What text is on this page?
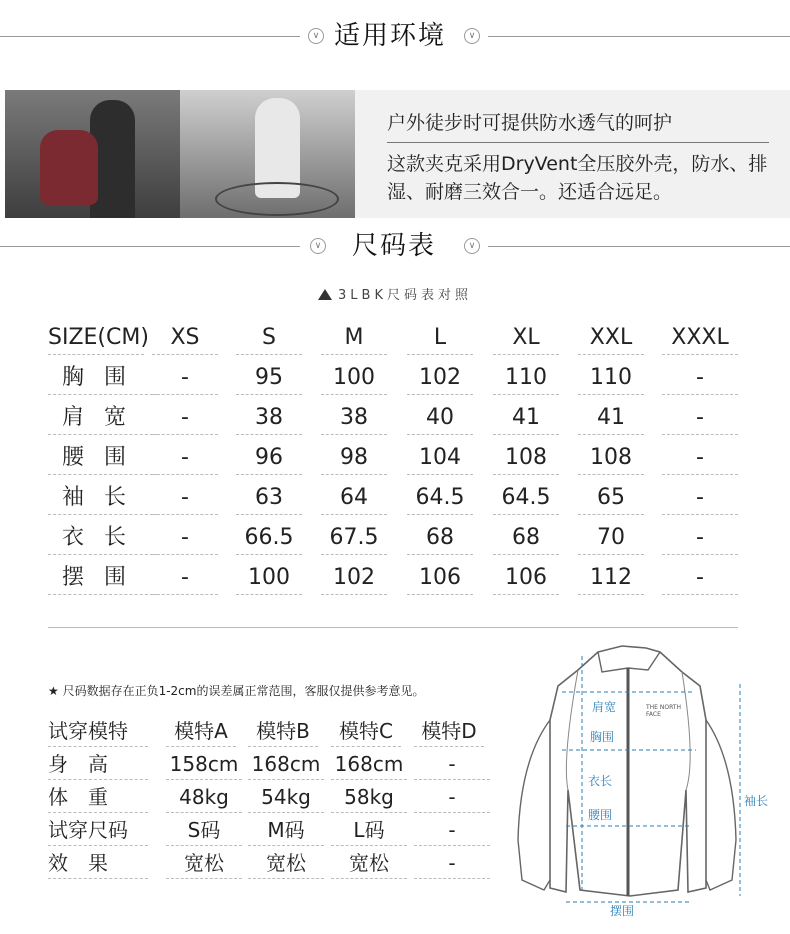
∨ 适用环境	∨
户外徒步时可提供防水透气的呵护
这款夹克采用DryVent全压胶外壳，防水、排湿、耐磨三效合一。还适合远足。
∨ 尺码表	∨
3LBK尺码表对照
SIZE(CM) XS	S	M	L	XL	XXL	XXXL
胸围	-	95	100	102	110	110	-
肩宽	-	38	38	40	41	41	-
腰围	-	96	98	104	108	108	-
袖长	-	63	64	64.5	64.5	65	-
衣长	-	66.5	67.5	68	68	70	-
摆围	-	100	102	106	106	112	-
★ 尺码数据存在正负1-2cm的误差属正常范围，客服仅提供参考意见。
试穿模特	模特A	模特B	模特C	模特D
身高	158cm 168cm 168cm	-
体重	48kg	54kg	58kg	-
试穿尺码	S码	M码	L码	-
效果	宽松	宽松	宽松	-
肩宽
胸围
衣长
腰围
袖长
摆围
THE NORTH FACE
